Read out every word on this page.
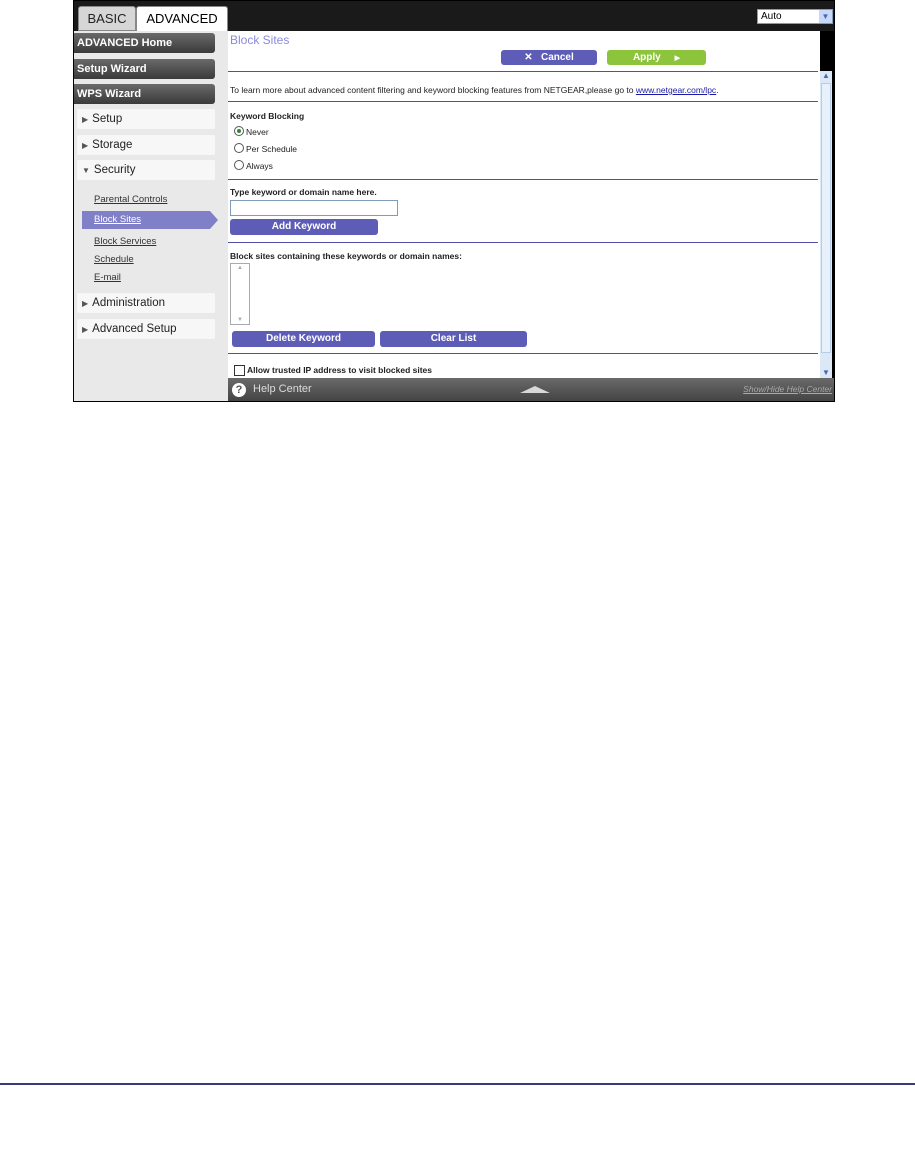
BASIC	ADVANCED	Auto	▼
ADVANCED Home
Setup Wizard
WPS Wizard
▶ Setup
▶ Storage
▼ Security
Parental Controls
Block Sites
Block Services
Schedule
E-mail
▶ Administration
▶ Advanced Setup
Block Sites
✕ Cancel	Apply ▶
To learn more about advanced content filtering and keyword blocking features from NETGEAR,please go to www.netgear.com/lpc.
Keyword Blocking
Never
Per Schedule
Always
Type keyword or domain name here.
Add Keyword
Block sites containing these keywords or domain names:
▲
▼
Delete Keyword	Clear List
Allow trusted IP address to visit blocked sites
▲
▼
? Help Center	Show/Hide Help Center
